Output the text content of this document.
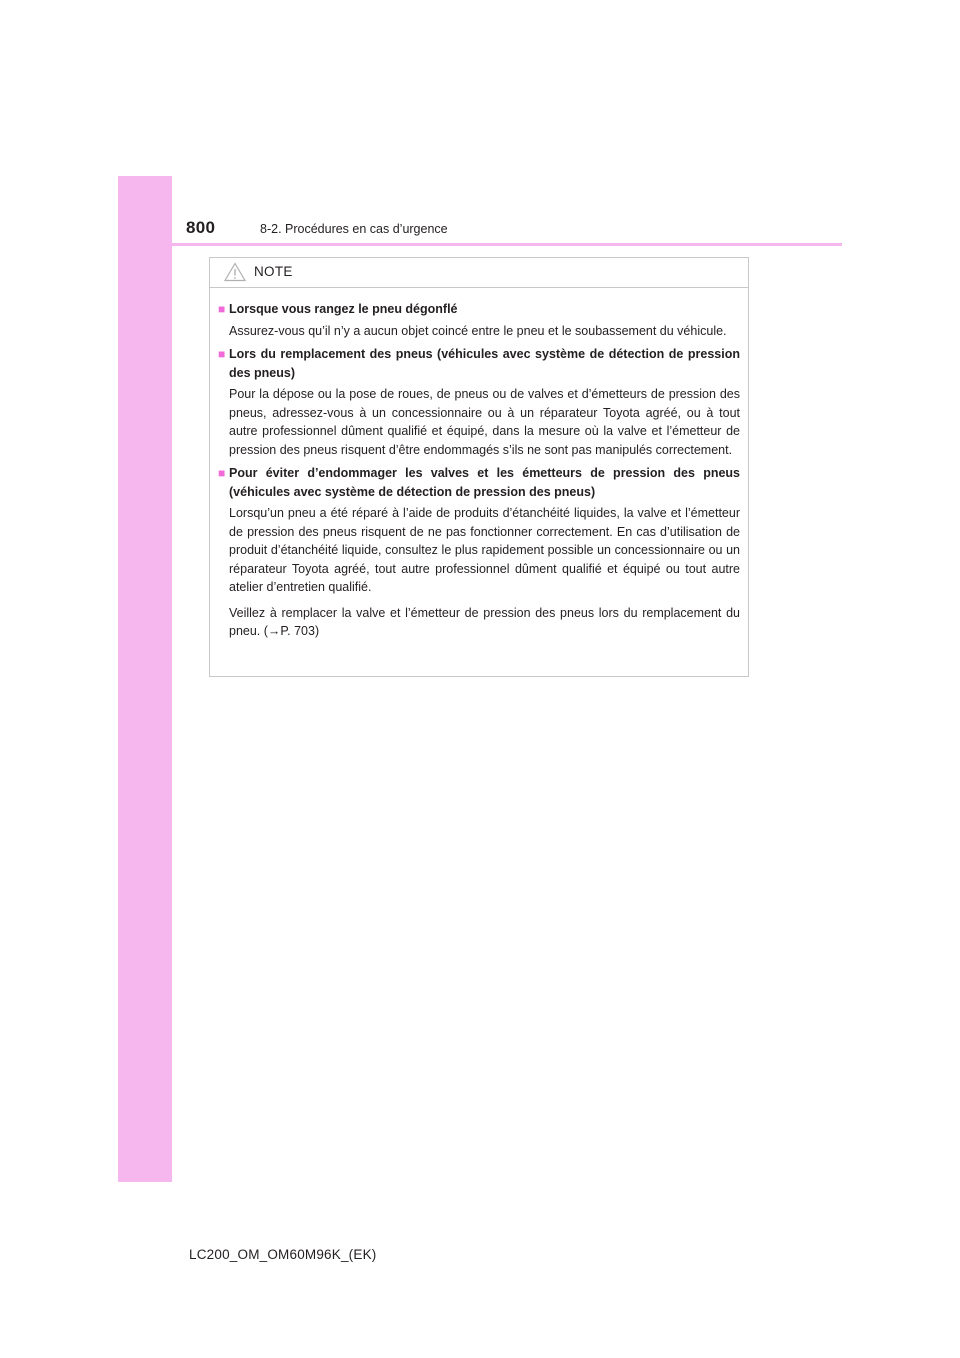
800	8-2. Procédures en cas d’urgence
NOTE
■ Lorsque vous rangez le pneu dégonflé
Assurez-vous qu’il n’y a aucun objet coincé entre le pneu et le soubassement du véhicule.
■ Lors du remplacement des pneus (véhicules avec système de détection de pression des pneus)
Pour la dépose ou la pose de roues, de pneus ou de valves et d’émetteurs de pression des pneus, adressez-vous à un concessionnaire ou à un réparateur Toyota agréé, ou à tout autre professionnel dûment qualifié et équipé, dans la mesure où la valve et l’émetteur de pression des pneus risquent d’être endommagés s’ils ne sont pas manipulés correctement.
■ Pour éviter d’endommager les valves et les émetteurs de pression des pneus (véhicules avec système de détection de pression des pneus)
Lorsqu’un pneu a été réparé à l’aide de produits d’étanchéité liquides, la valve et l’émetteur de pression des pneus risquent de ne pas fonctionner correctement. En cas d’utilisation de produit d’étanchéité liquide, consultez le plus rapidement possible un concessionnaire ou un réparateur Toyota agréé, tout autre professionnel dûment qualifié et équipé ou tout autre atelier d’entretien qualifié.
Veillez à remplacer la valve et l’émetteur de pression des pneus lors du remplacement du pneu. (→P. 703)
LC200_OM_OM60M96K_(EK)
